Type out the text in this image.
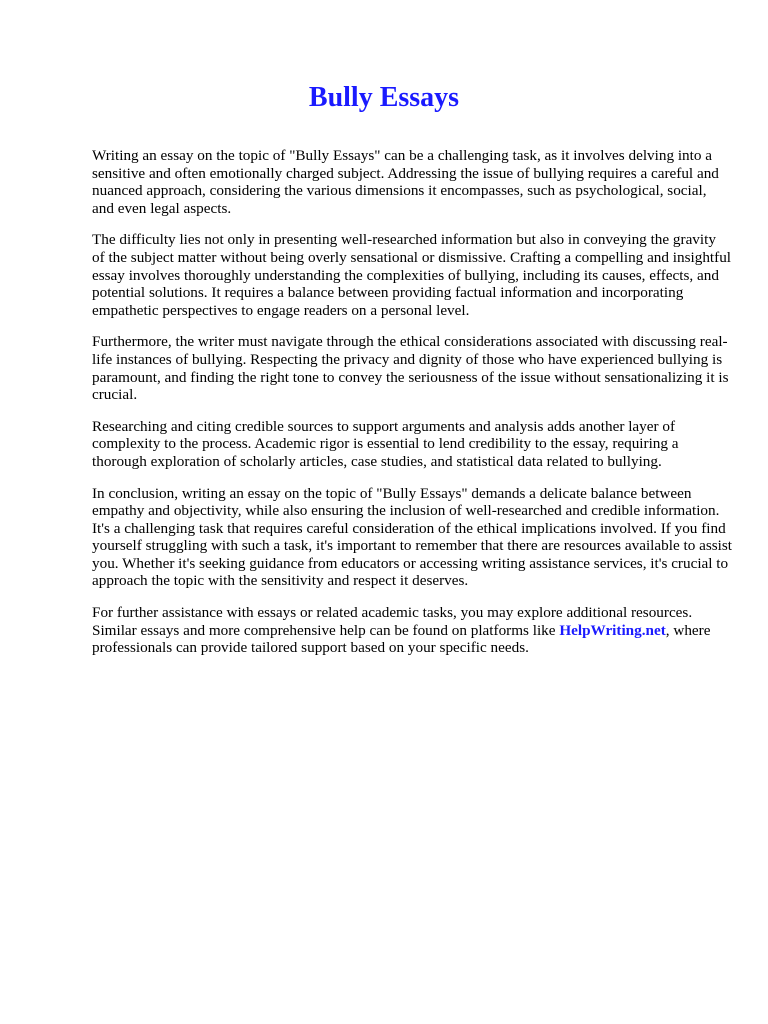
Bully Essays

Writing an essay on the topic of "Bully Essays" can be a challenging task, as it involves delving into a sensitive and often emotionally charged subject. Addressing the issue of bullying requires a careful and nuanced approach, considering the various dimensions it encompasses, such as psychological, social, and even legal aspects.

The difficulty lies not only in presenting well-researched information but also in conveying the gravity of the subject matter without being overly sensational or dismissive. Crafting a compelling and insightful essay involves thoroughly understanding the complexities of bullying, including its causes, effects, and potential solutions. It requires a balance between providing factual information and incorporating empathetic perspectives to engage readers on a personal level.

Furthermore, the writer must navigate through the ethical considerations associated with discussing real-life instances of bullying. Respecting the privacy and dignity of those who have experienced bullying is paramount, and finding the right tone to convey the seriousness of the issue without sensationalizing it is crucial.

Researching and citing credible sources to support arguments and analysis adds another layer of complexity to the process. Academic rigor is essential to lend credibility to the essay, requiring a thorough exploration of scholarly articles, case studies, and statistical data related to bullying.

In conclusion, writing an essay on the topic of "Bully Essays" demands a delicate balance between empathy and objectivity, while also ensuring the inclusion of well-researched and credible information. It's a challenging task that requires careful consideration of the ethical implications involved. If you find yourself struggling with such a task, it's important to remember that there are resources available to assist you. Whether it's seeking guidance from educators or accessing writing assistance services, it's crucial to approach the topic with the sensitivity and respect it deserves.

For further assistance with essays or related academic tasks, you may explore additional resources. Similar essays and more comprehensive help can be found on platforms like HelpWriting.net, where professionals can provide tailored support based on your specific needs.
